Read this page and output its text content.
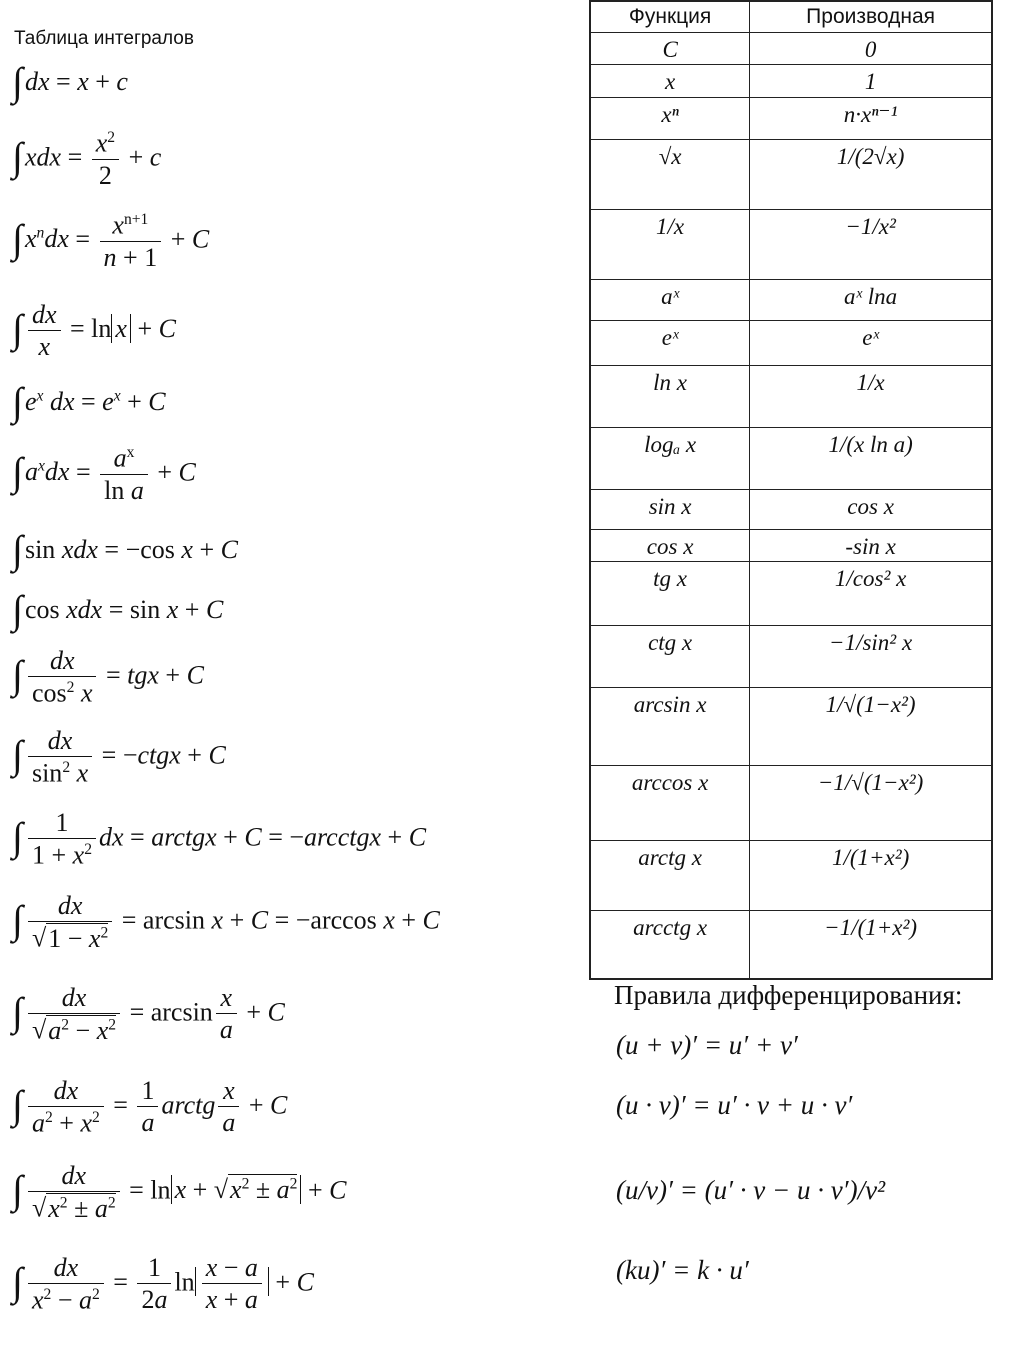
Таблица интегралов
∫dx = x + c
$\int xdx = \frac{x^2}{2} + c$
$\int x^ndx = \frac{x^{n+1}}{n + 1} + C$
∫ $\frac{dx}{x} = \ln x + C$
$\int e^x$ dx = $e^x + C$
$\int a^xdx = \frac{a^x}{\text{ln a}} + C$
∫sin xdx = −cos x + C
∫cos xdx = sin x + C
∫ $\frac{dx}{\cos^2 x}$ = tgx + C
∫ $\frac{dx}{\sin^2 x}$ = −ctgx + C
∫ $\frac{1}{1 + x^2}$ dx = arctgx + C = −arcctgx + C
∫ $\frac{dx}{√1 - x^2} = \arcsin x + C = -\arccos$ x + C
∫ $\frac{dx}{√a^2 - x^2} = \arcsin \frac{x}{a} + C$
∫ $\frac{dx}{a^2 + x^2} = \frac{1}{a}$ arctg $\frac{x}{a} + C$
∫ $\frac{dx}{√x^2 \pm a^2} = \ln x + √x^2 \pm a^2 + C$
∫ $\frac{dx}{x^2 - a^2} = \frac{1}{2a}$ $\ln \frac{x - a}{x + a} + C$
Функция	Производная
C	0
x	1
xⁿ	n·xⁿ⁻¹
√x	1/(2√x)
1/x	−1/x²
aˣ	aˣ lna
eˣ	eˣ
ln x	1/x
logₐ x	1/(x ln a)
sin x	cos x
cos x	-sin x
tg x	1/cos² x
ctg x	−1/sin² x
arcsin x	1/√(1−x²)
arccos x	−1/√(1−x²)
arctg x	1/(1+x²)
arcctg x	−1/(1+x²)
Правила дифференцирования:
(u + v)′ = u′ + v′
(u · v)′ = u′ · v + u · v′
(u/v)′ = (u′ · v − u · v′)/v²
(ku)′ = k · u′
